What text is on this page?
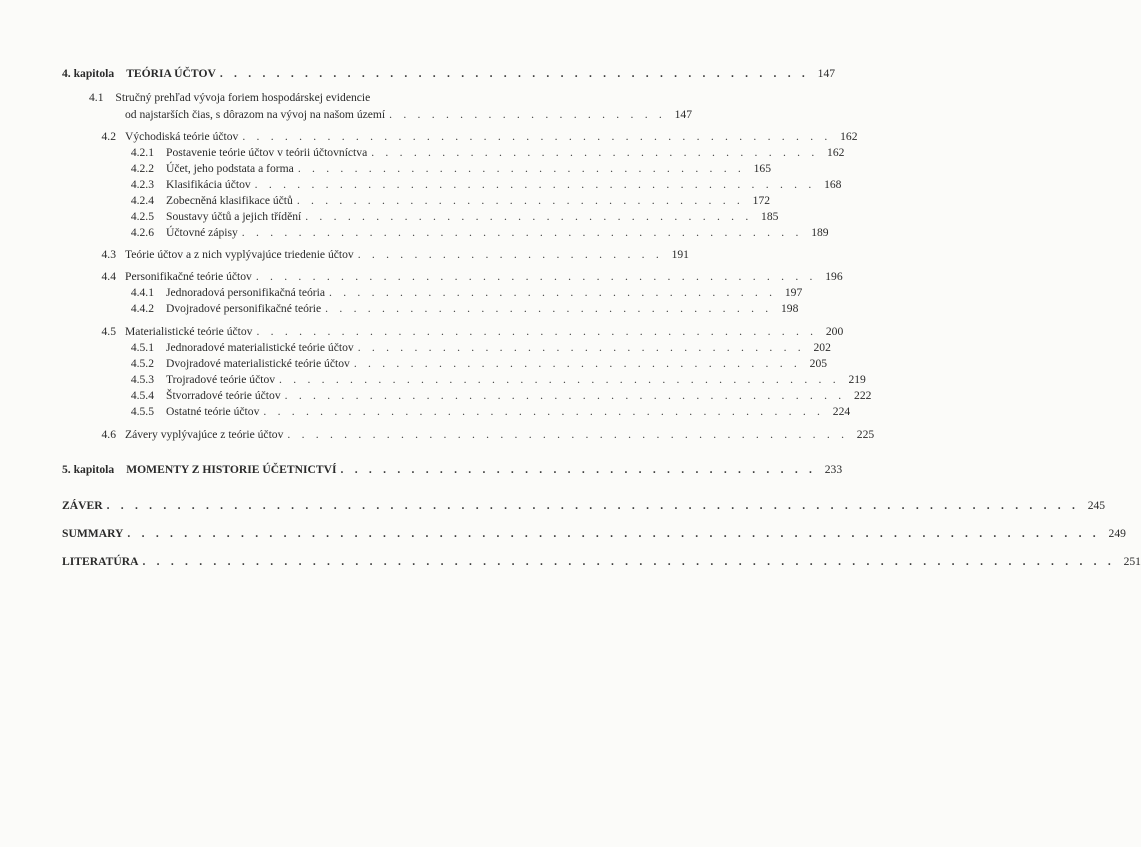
4. kapitola TEÓRIA ÚČTOV . . . . . . . . . . . . . . . . . . . . . . . . . . . . . . . . . . . . . . . . . . 147
4.1 Stručný prehľad vývoja foriem hospodárskej evidencie
od najstarších čias, s dôrazom na vývoj na našom území . . . . . . . . . . . . . . . . . . . . 147
4.2 Východiská teórie účtov . . . . . . . . . . . . . . . . . . . . . . . . . . . . . . . . . . . . . . . . . . 162
4.2.1 Postavenie teórie účtov v teórii účtovníctva . . . . . . . . . . . . . . . . . . . . . . . . . . . . . . . . 162
4.2.2 Účet, jeho podstata a forma . . . . . . . . . . . . . . . . . . . . . . . . . . . . . . . . 165
4.2.3 Klasifikácia účtov . . . . . . . . . . . . . . . . . . . . . . . . . . . . . . . . . . . . . . . . 168
4.2.4 Zobecněná klasifikace účtů . . . . . . . . . . . . . . . . . . . . . . . . . . . . . . . . 172
4.2.5 Soustavy účtů a jejich třídění . . . . . . . . . . . . . . . . . . . . . . . . . . . . . . . . 185
4.2.6 Účtovné zápisy . . . . . . . . . . . . . . . . . . . . . . . . . . . . . . . . . . . . . . . . 189
4.3 Teórie účtov a z nich vyplývajúce triedenie účtov . . . . . . . . . . . . . . . . . . . . . . 191
4.4 Personifikačné teórie účtov . . . . . . . . . . . . . . . . . . . . . . . . . . . . . . . . . . . . . . . . 196
4.4.1 Jednoradová personifikačná teória . . . . . . . . . . . . . . . . . . . . . . . . . . . . . . . . 197
4.4.2 Dvojradové personifikačné teórie . . . . . . . . . . . . . . . . . . . . . . . . . . . . . . . . 198
4.5 Materialistické teórie účtov . . . . . . . . . . . . . . . . . . . . . . . . . . . . . . . . . . . . . . . . 200
4.5.1 Jednoradové materialistické teórie účtov . . . . . . . . . . . . . . . . . . . . . . . . . . . . . . . . 202
4.5.2 Dvojradové materialistické teórie účtov . . . . . . . . . . . . . . . . . . . . . . . . . . . . . . . . 205
4.5.3 Trojradové teórie účtov . . . . . . . . . . . . . . . . . . . . . . . . . . . . . . . . . . . . . . . . 219
4.5.4 Štvorradové teórie účtov . . . . . . . . . . . . . . . . . . . . . . . . . . . . . . . . . . . . . . . . 222
4.5.5 Ostatné teórie účtov . . . . . . . . . . . . . . . . . . . . . . . . . . . . . . . . . . . . . . . . 224
4.6 Závery vyplývajúce z teórie účtov . . . . . . . . . . . . . . . . . . . . . . . . . . . . . . . . . . . . . . . . 225
5. kapitola MOMENTY Z HISTORIE ÚČETNICTVÍ . . . . . . . . . . . . . . . . . . . . . . . . . . . . . . . . . . 233
ZÁVER . . . . . . . . . . . . . . . . . . . . . . . . . . . . . . . . . . . . . . . . . . . . . . . . . . . . . . . . . . . . . . . . . . . . . 245
SUMMARY . . . . . . . . . . . . . . . . . . . . . . . . . . . . . . . . . . . . . . . . . . . . . . . . . . . . . . . . . . . . . . . . . . . . . 249
LITERATÚRA . . . . . . . . . . . . . . . . . . . . . . . . . . . . . . . . . . . . . . . . . . . . . . . . . . . . . . . . . . . . . . . . . . . . . 251
